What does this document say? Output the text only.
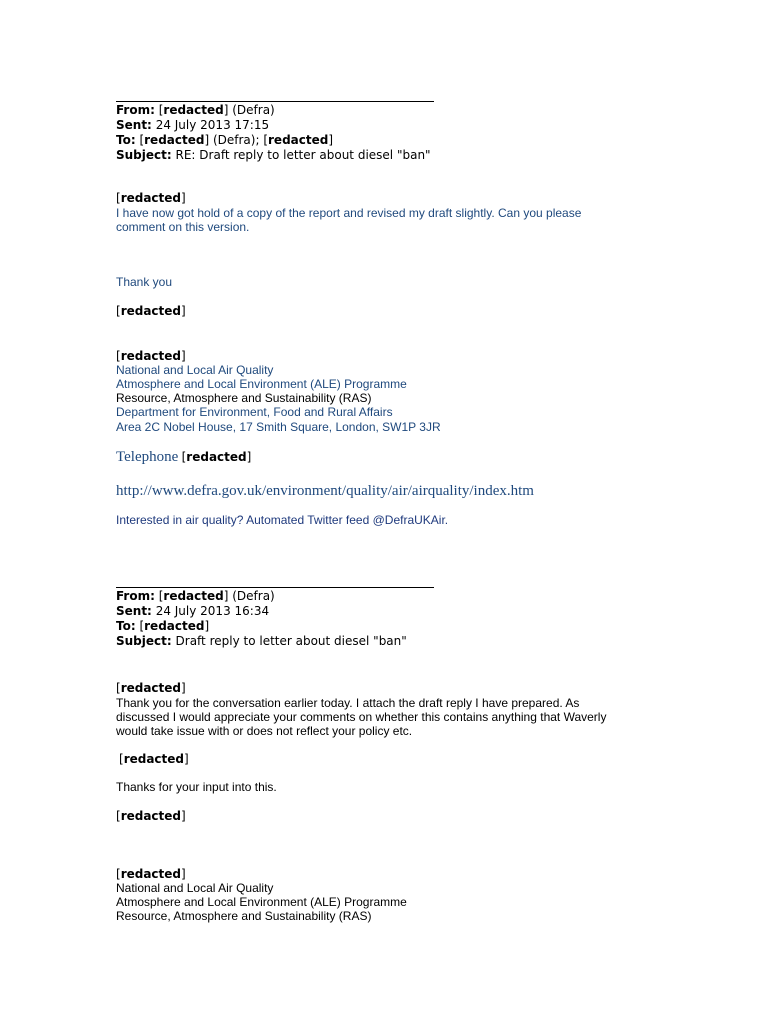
From: [redacted] (Defra)
Sent: 24 July 2013 17:15
To: [redacted] (Defra); [redacted]
Subject: RE: Draft reply to letter about diesel "ban"
[redacted]
I have now got hold of a copy of the report and revised my draft slightly. Can you please
comment on this version.
Thank you
[redacted]
[redacted]
National and Local Air Quality
Atmosphere and Local Environment (ALE) Programme
Resource, Atmosphere and Sustainability (RAS)
Department for Environment, Food and Rural Affairs
Area 2C Nobel House, 17 Smith Square, London, SW1P 3JR
Telephone [redacted]
http://www.defra.gov.uk/environment/quality/air/airquality/index.htm
Interested in air quality? Automated Twitter feed @DefraUKAir.
From: [redacted] (Defra)
Sent: 24 July 2013 16:34
To: [redacted]
Subject: Draft reply to letter about diesel "ban"
[redacted]
Thank you for the conversation earlier today. I attach the draft reply I have prepared. As
discussed I would appreciate your comments on whether this contains anything that Waverly
would take issue with or does not reflect your policy etc.
[redacted]
Thanks for your input into this.
[redacted]
[redacted]
National and Local Air Quality
Atmosphere and Local Environment (ALE) Programme
Resource, Atmosphere and Sustainability (RAS)
